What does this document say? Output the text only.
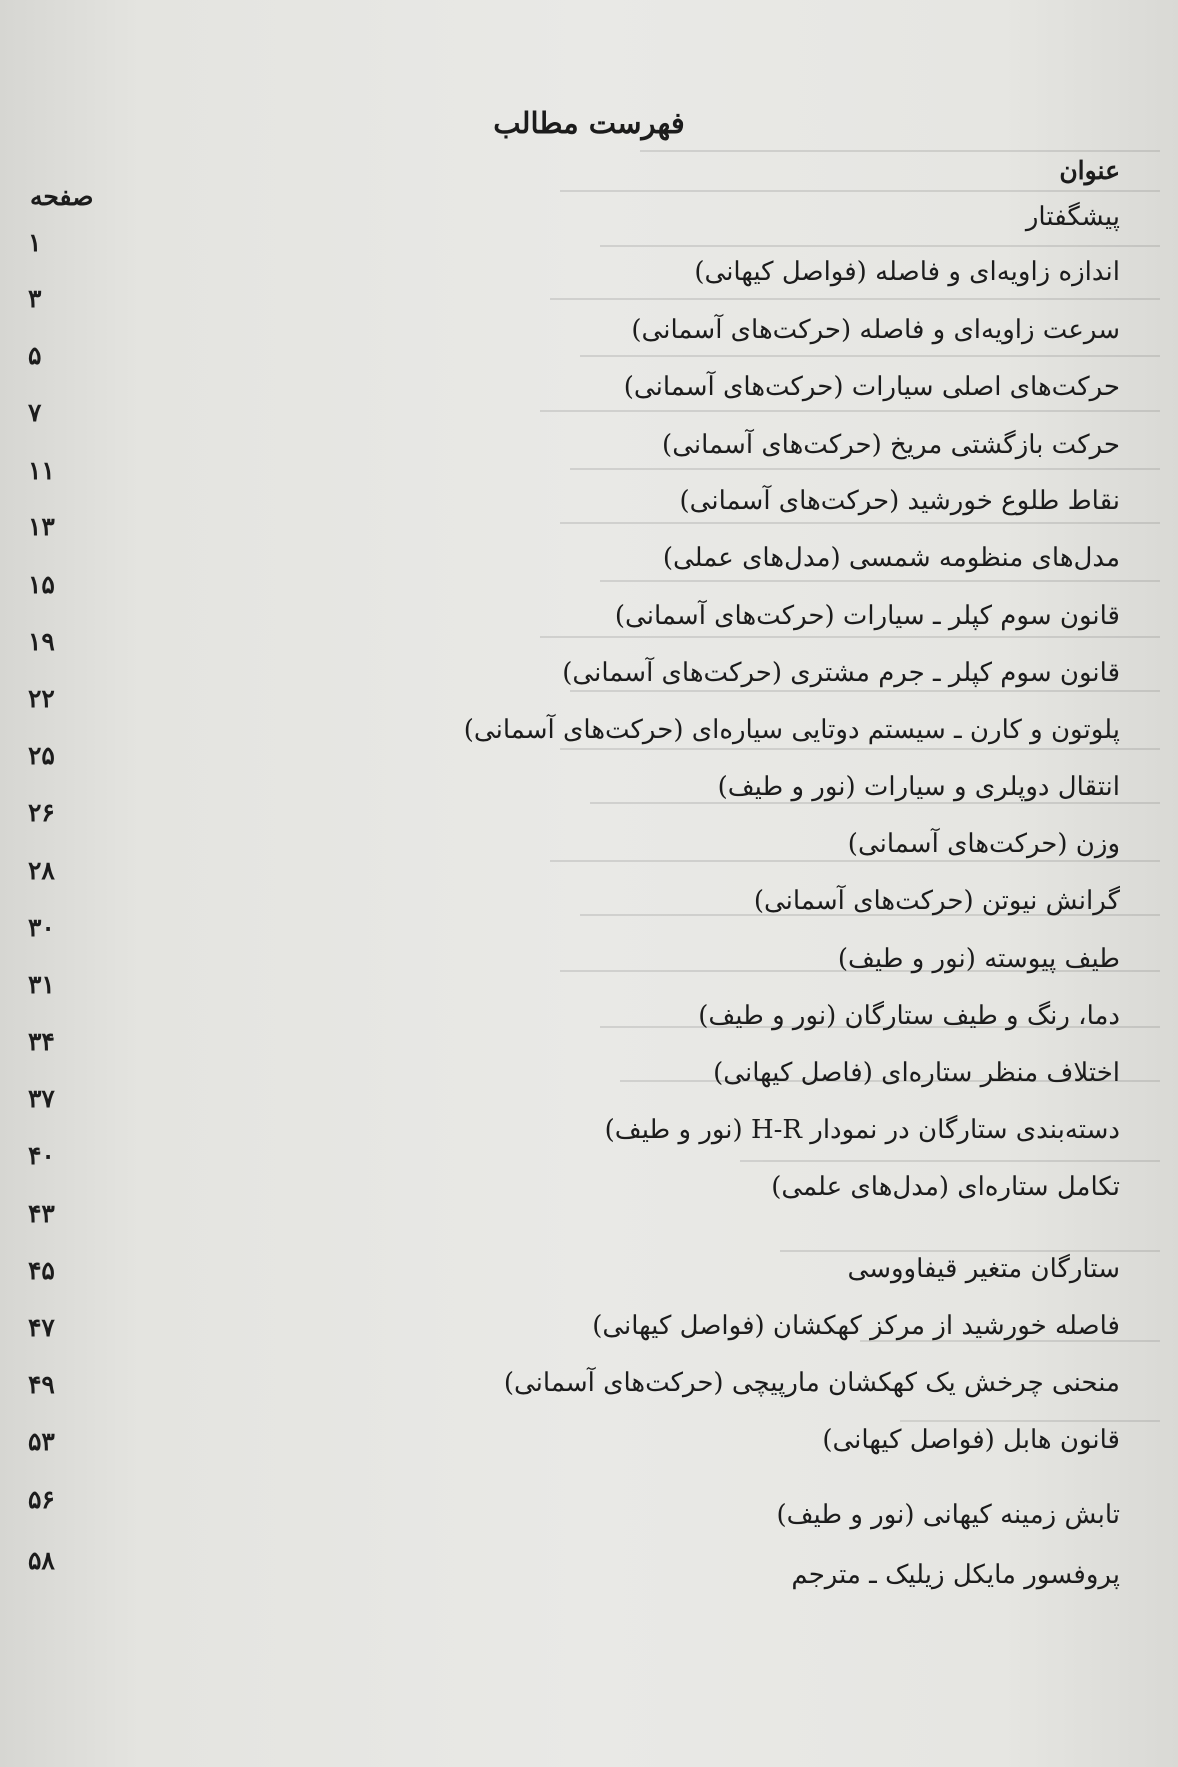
فهرست مطالب
عنوان
صفحه
پیشگفتار
۱
اندازه زاویه‌ای و فاصله (فواصل کیهانی)
۳
سرعت زاویه‌ای و فاصله (حرکت‌های آسمانی)
۵
حرکت‌های اصلی سیارات (حرکت‌های آسمانی)
۷
حرکت بازگشتی مریخ (حرکت‌های آسمانی)
۱۱
نقاط طلوع خورشید (حرکت‌های آسمانی)
۱۳
مدل‌های منظومه شمسی (مدل‌های عملی)
۱۵
قانون سوم کپلر ـ سیارات (حرکت‌های آسمانی)
۱۹
قانون سوم کپلر ـ جرم مشتری (حرکت‌های آسمانی)
۲۲
پلوتون و کارن ـ سیستم دوتایی سیاره‌ای (حرکت‌های آسمانی)
۲۵
انتقال دوپلری و سیارات (نور و طیف)
۲۶
وزن (حرکت‌های آسمانی)
۲۸
گرانش نیوتن (حرکت‌های آسمانی)
۳۰
طیف پیوسته (نور و طیف)
۳۱
دما، رنگ و طیف ستارگان (نور و طیف)
۳۴
اختلاف منظر ستاره‌ای (فاصل کیهانی)
۳۷
دسته‌بندی ستارگان در نمودار H-R (نور و طیف)
۴۰
تکامل ستاره‌ای (مدل‌های علمی)
۴۳
ستارگان متغیر قیفاووسی
۴۵
فاصله خورشید از مرکز کهکشان (فواصل کیهانی)
۴۷
منحنی چرخش یک کهکشان مارپیچی (حرکت‌های آسمانی)
۴۹
قانون هابل (فواصل کیهانی)
۵۳
تابش زمینه کیهانی (نور و طیف)
۵۶
پروفسور مایکل زیلیک ـ مترجم
۵۸
